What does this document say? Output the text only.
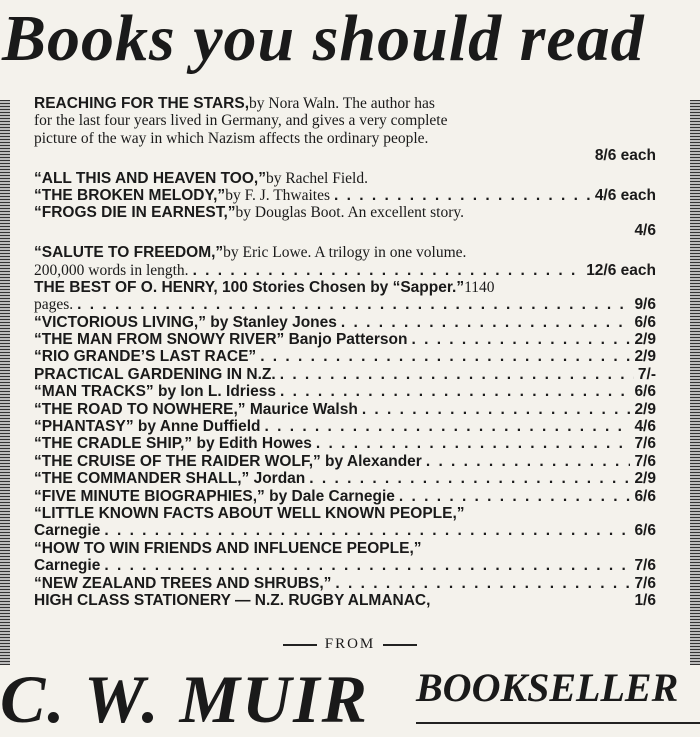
Books you should read
REACHING FOR THE STARS, by Nora Waln. The author has
for the last four years lived in Germany, and gives a very complete
picture of the way in which Nazism affects the ordinary people.
8/6 each
“ALL THIS AND HEAVEN TOO,” by Rachel Field.
“THE BROKEN MELODY,” by F. J. Thwaites . . .	4/6 each
“FROGS DIE IN EARNEST,” by Douglas Boot. An excellent story.
4/6
“SALUTE TO FREEDOM,” by Eric Lowe. A trilogy in one volume.
200,000 words in length. . . .	12/6 each
THE BEST OF O. HENRY, 100 Stories Chosen by “Sapper.” 1140
pages. . . .	9/6
“VICTORIOUS LIVING,” by Stanley Jones . . .	6/6
“THE MAN FROM SNOWY RIVER” Banjo Patterson . . .	2/9
“RIO GRANDE’S LAST RACE” . . .	2/9
PRACTICAL GARDENING IN N.Z. . . .	7/-
“MAN TRACKS” by Ion L. Idriess . . .	6/6
“THE ROAD TO NOWHERE,” Maurice Walsh . . .	2/9
“PHANTASY” by Anne Duffield . . .	4/6
“THE CRADLE SHIP,” by Edith Howes . . .	7/6
“THE CRUISE OF THE RAIDER WOLF,” by Alexander . . .	7/6
“THE COMMANDER SHALL,” Jordan . . .	2/9
“FIVE MINUTE BIOGRAPHIES,” by Dale Carnegie . . .	6/6
“LITTLE KNOWN FACTS ABOUT WELL KNOWN PEOPLE,”
Carnegie . . .	6/6
“HOW TO WIN FRIENDS AND INFLUENCE PEOPLE,”
Carnegie . . .	7/6
“NEW ZEALAND TREES AND SHRUBS,” . . .	7/6
HIGH CLASS STATIONERY — N.Z. RUGBY ALMANAC,	1/6
FROM
C. W. MUIR	BOOKSELLER
